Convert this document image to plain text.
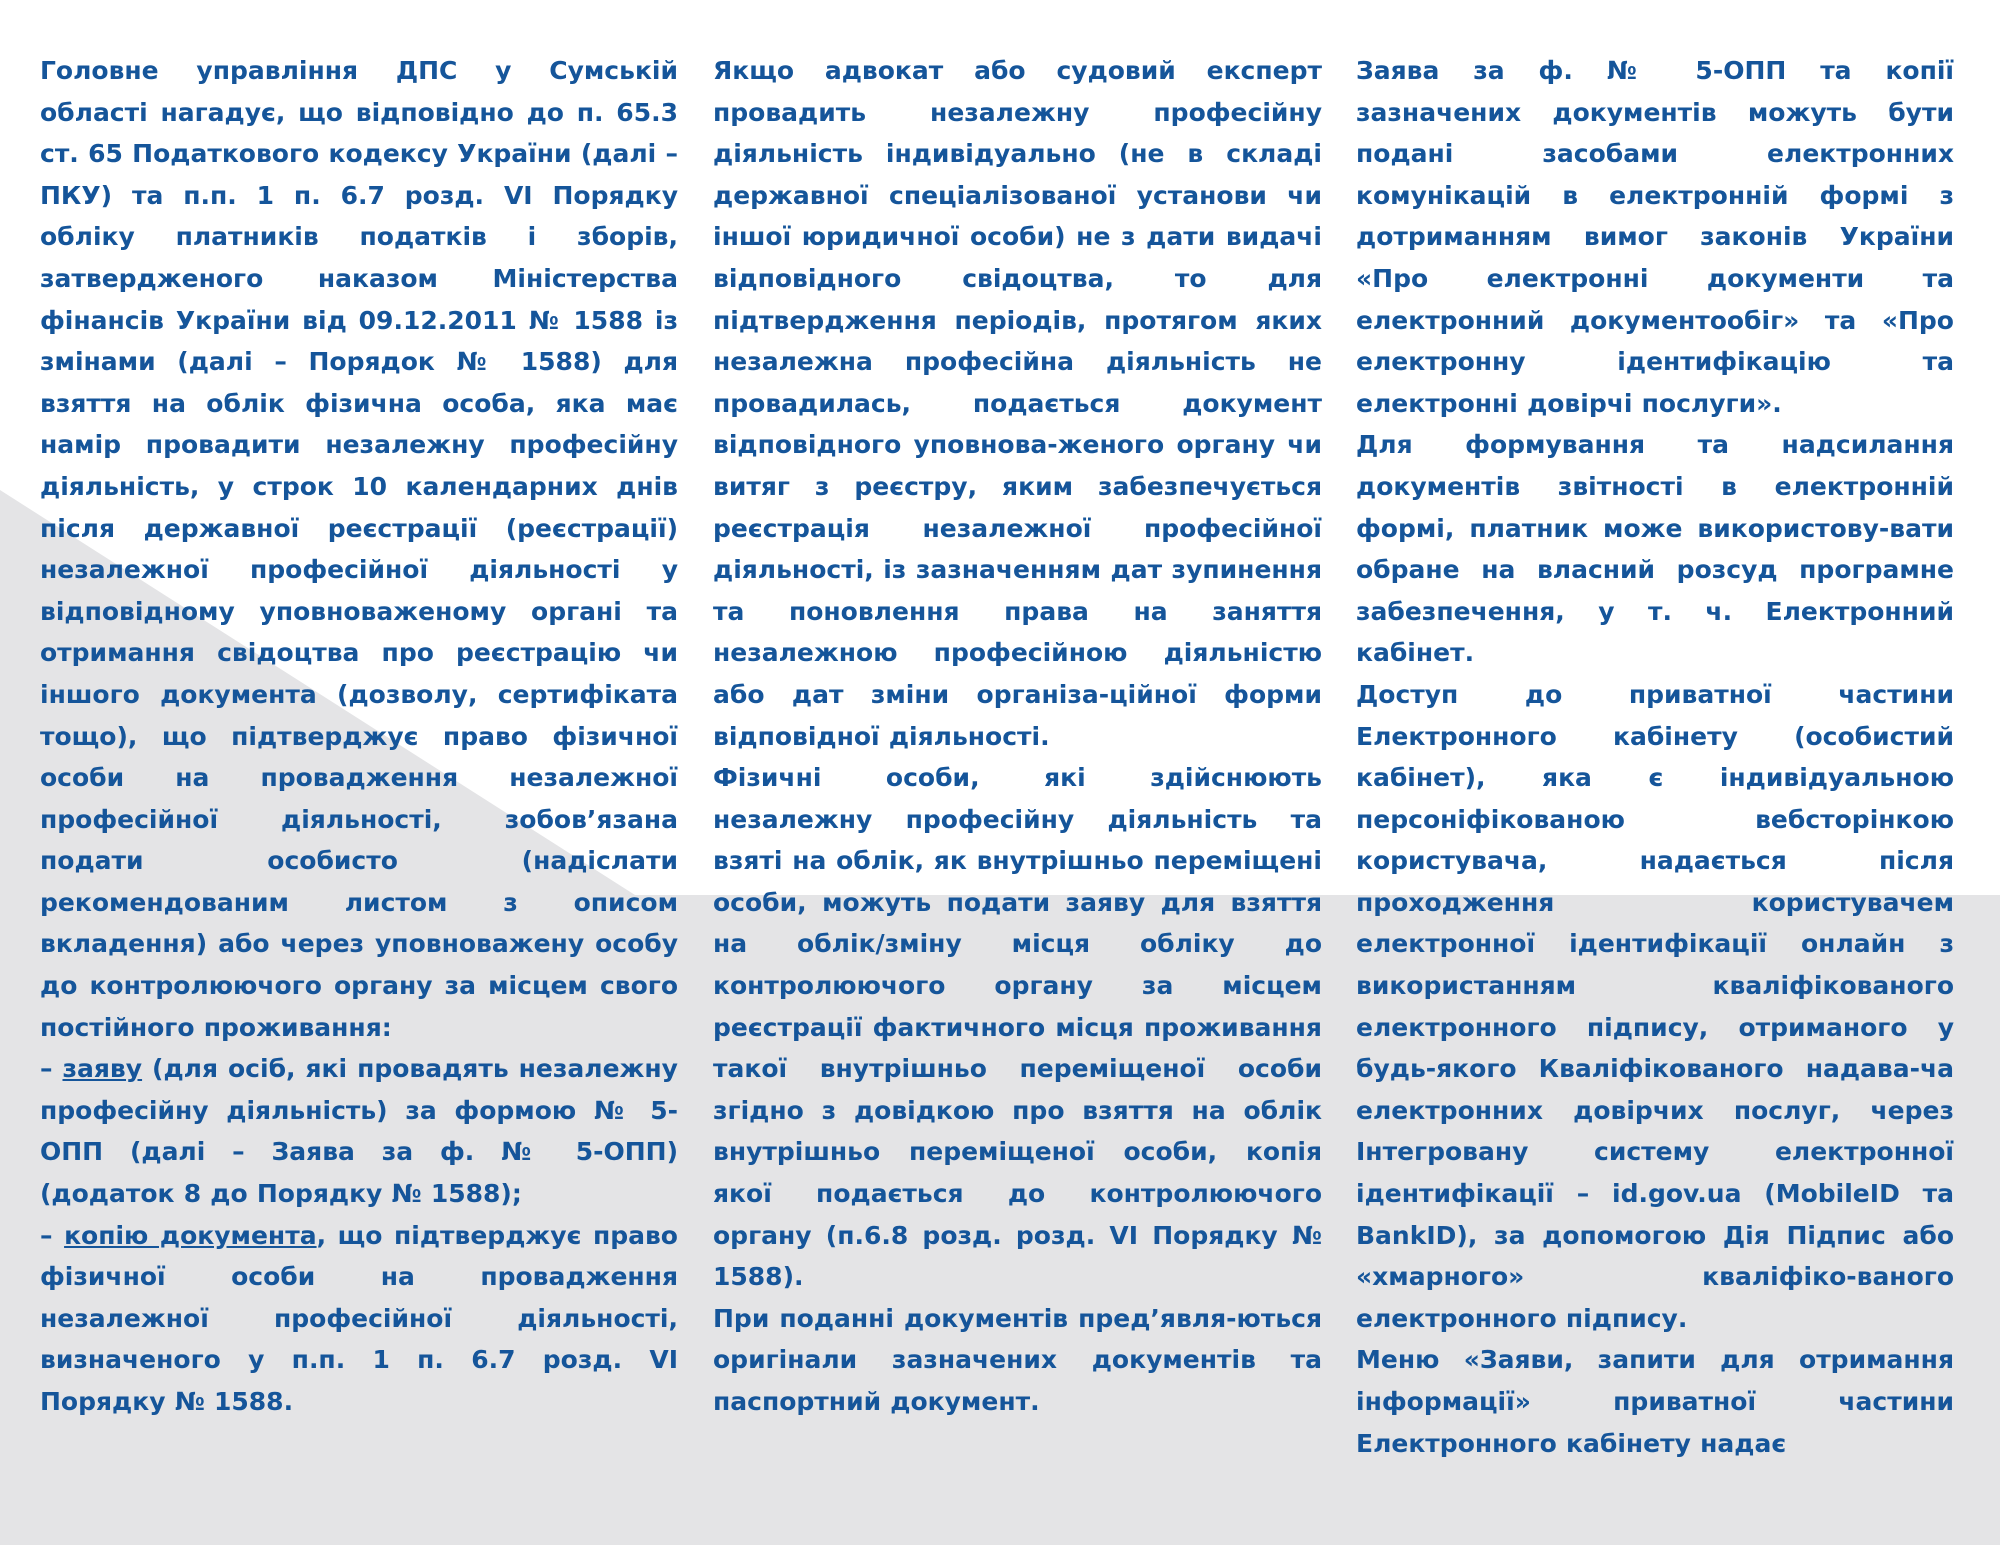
Головне управління ДПС у Сумській області нагадує, що відповідно до п. 65.3 ст. 65 Податкового кодексу України (далі – ПКУ) та п.п. 1 п. 6.7 розд. VI Порядку обліку платників податків і зборів, затвердженого наказом Міністерства фінансів України від 09.12.2011 № 1588 із змінами (далі – Порядок № 1588) для взяття на облік фізична особа, яка має намір провадити незалежну професійну діяльність, у строк 10 календарних днів після державної реєстрації (реєстрації) незалежної професійної діяльності у відповідному уповноваженому органі та отримання свідоцтва про реєстрацію чи іншого документа (дозволу, сертифіката тощо), що підтверджує право фізичної особи на провадження незалежної професійної діяльності, зобов’язана подати особисто (надіслати рекомендованим листом з описом вкладення) або через уповноважену особу до контролюючого органу за місцем свого постійного проживання:

– заяву (для осіб, які провадять незалежну професійну діяльність) за формою № 5-ОПП (далі – Заява за ф. № 5-ОПП) (додаток 8 до Порядку № 1588);

– копію документа, що підтверджує право фізичної особи на провадження незалежної професійної діяльності, визначеного у п.п. 1 п. 6.7 розд. VI Порядку № 1588.

Якщо адвокат або судовий експерт провадить незалежну професійну діяльність індивідуально (не в складі державної спеціалізованої установи чи іншої юридичної особи) не з дати видачі відповідного свідоцтва, то для підтвердження періодів, протягом яких незалежна професійна діяльність не провадилась, подається документ відповідного уповнова-женого органу чи витяг з реєстру, яким забезпечується реєстрація незалежної професійної діяльності, із зазначенням дат зупинення та поновлення права на заняття незалежною професійною діяльністю або дат зміни організа-ційної форми відповідної діяльності.

Фізичні особи, які здійснюють незалежну професійну діяльність та взяті на облік, як внутрішньо переміщені особи, можуть подати заяву для взяття на облік/зміну місця обліку до контролюючого органу за місцем реєстрації фактичного місця проживання такої внутрішньо переміщеної особи згідно з довідкою про взяття на облік внутрішньо переміщеної особи, копія якої подається до контролюючого органу (п.6.8 розд. розд. VI Порядку № 1588).

При поданні документів пред’явля-ються оригінали зазначених документів та паспортний документ.

Заява за ф. № 5-ОПП та копії зазначених документів можуть бути подані засобами електронних комунікацій в електронній формі з дотриманням вимог законів України «Про електронні документи та електронний документообіг» та «Про електронну ідентифікацію та електронні довірчі послуги».

Для формування та надсилання документів звітності в електронній формі, платник може використову-вати обране на власний розсуд програмне забезпечення, у т. ч. Електронний кабінет.

Доступ до приватної частини Електронного кабінету (особистий кабінет), яка є індивідуальною персоніфікованою вебсторінкою користувача, надається після проходження користувачем електронної ідентифікації онлайн з використанням кваліфікованого електронного підпису, отриманого у будь-якого Кваліфікованого надава-ча електронних довірчих послуг, через Інтегровану систему електронної ідентифікації – id.gov.ua (MobileID та BankID), за допомогою Дія Підпис або «хмарного» кваліфіко-ваного електронного підпису.

Меню «Заяви, запити для отримання інформації» приватної частини Електронного кабінету надає
